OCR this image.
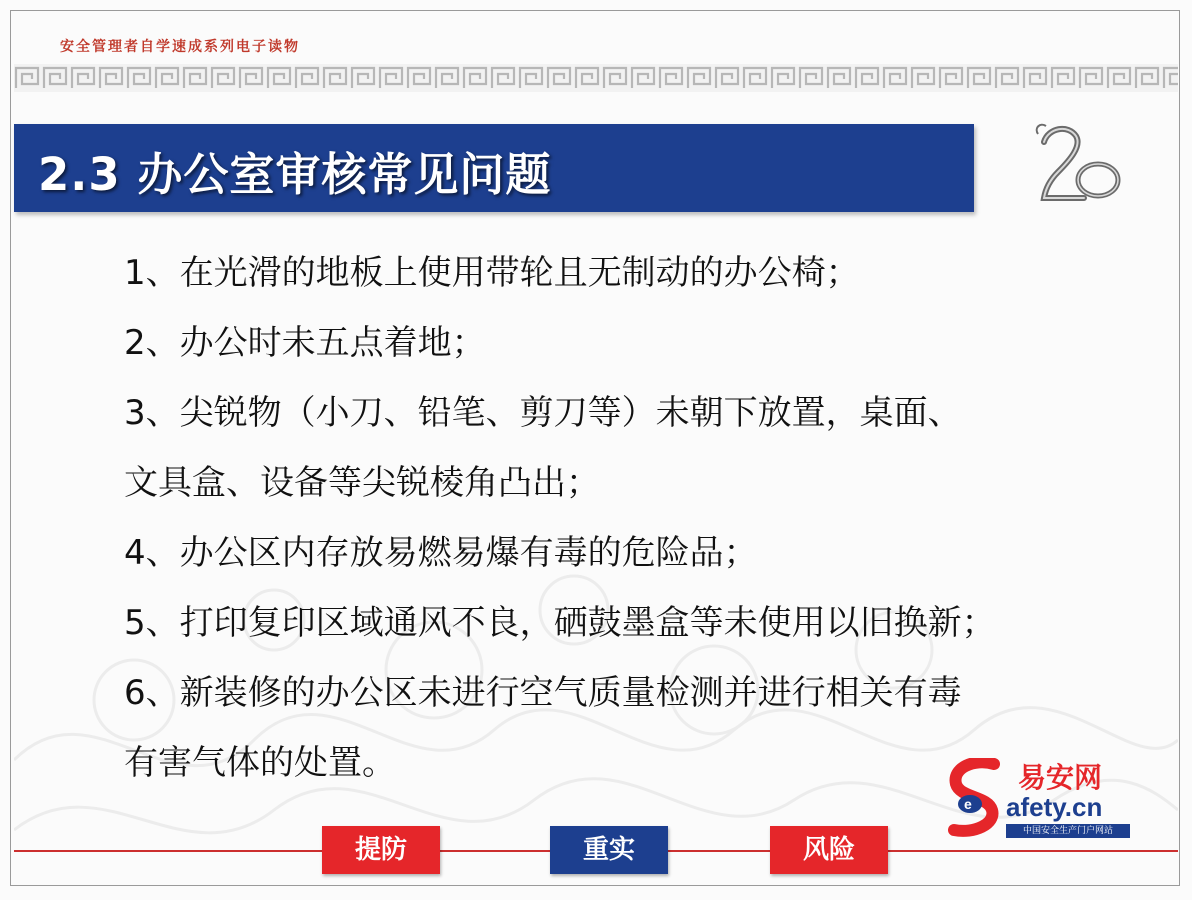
安全管理者自学速成系列电子读物
2.3 办公室审核常见问题
1、在光滑的地板上使用带轮且无制动的办公椅；
2、办公时未五点着地；
3、尖锐物（小刀、铅笔、剪刀等）未朝下放置，桌面、
文具盒、设备等尖锐棱角凸出；
4、办公区内存放易燃易爆有毒的危险品；
5、打印复印区域通风不良，硒鼓墨盒等未使用以旧换新；
6、新装修的办公区未进行空气质量检测并进行相关有毒
有害气体的处置。
提防	重实	风险
e
易安网
afety.cn
中国安全生产门户网站
